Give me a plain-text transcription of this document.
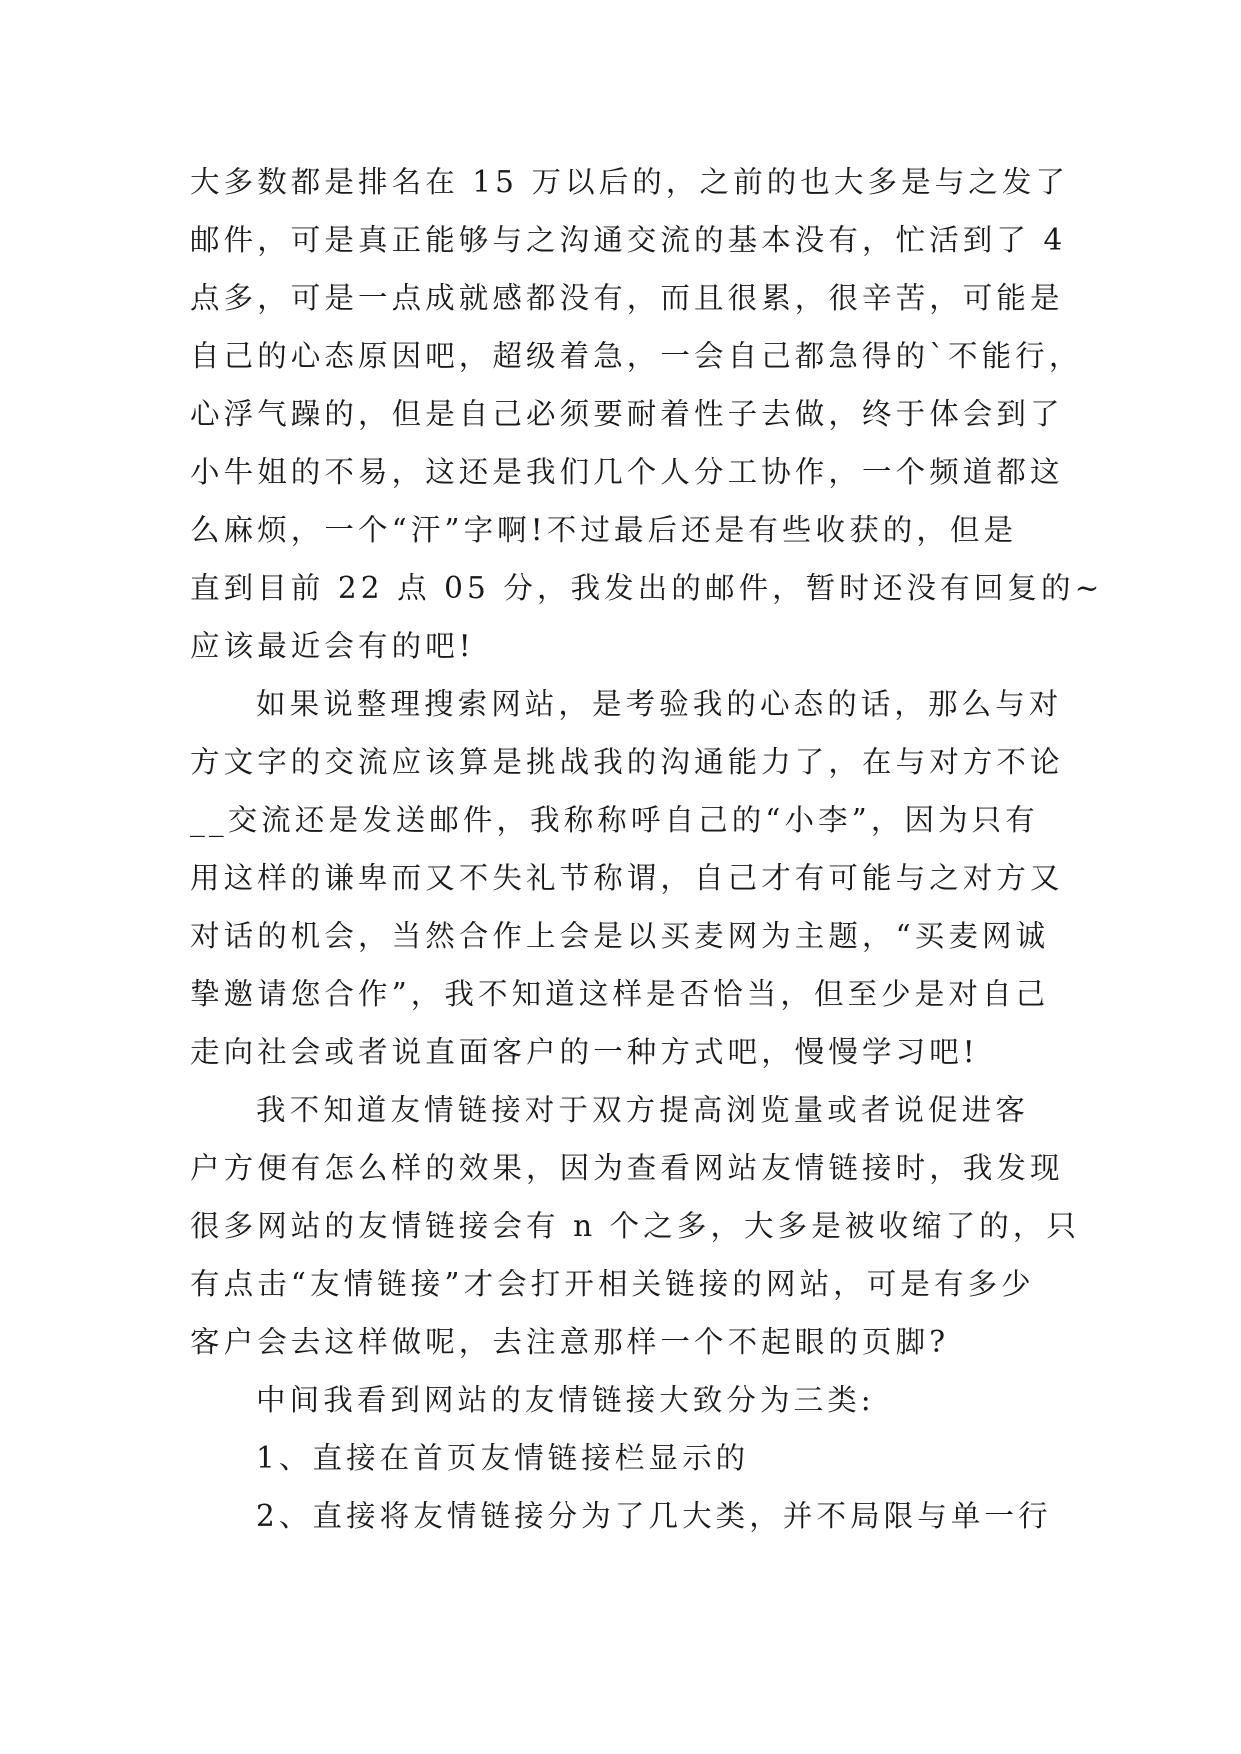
大多数都是排名在 15 万以后的，之前的也大多是与之发了
邮件，可是真正能够与之沟通交流的基本没有，忙活到了 4
点多，可是一点成就感都没有，而且很累，很辛苦，可能是
自己的心态原因吧，超级着急，一会自己都急得的`不能行，
心浮气躁的，但是自己必须要耐着性子去做，终于体会到了
小牛姐的不易，这还是我们几个人分工协作，一个频道都这
么麻烦，一个“汗”字啊!不过最后还是有些收获的，但是
直到目前 22 点 05 分，我发出的邮件，暂时还没有回复的~
应该最近会有的吧!
如果说整理搜索网站，是考验我的心态的话，那么与对
方文字的交流应该算是挑战我的沟通能力了，在与对方不论
__交流还是发送邮件，我称称呼自己的“小李”，因为只有
用这样的谦卑而又不失礼节称谓，自己才有可能与之对方又
对话的机会，当然合作上会是以买麦网为主题，“买麦网诚
挚邀请您合作”，我不知道这样是否恰当，但至少是对自己
走向社会或者说直面客户的一种方式吧，慢慢学习吧!
我不知道友情链接对于双方提高浏览量或者说促进客
户方便有怎么样的效果，因为查看网站友情链接时，我发现
很多网站的友情链接会有 n 个之多，大多是被收缩了的，只
有点击“友情链接”才会打开相关链接的网站，可是有多少
客户会去这样做呢，去注意那样一个不起眼的页脚?
中间我看到网站的友情链接大致分为三类:
1、直接在首页友情链接栏显示的
2、直接将友情链接分为了几大类，并不局限与单一行
